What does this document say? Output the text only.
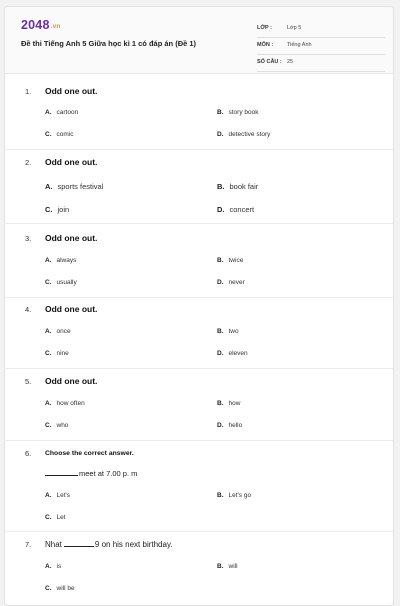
2048.vn
Đề thi Tiếng Anh 5 Giữa học kì 1 có đáp án (Đề 1)
LỚP :	Lớp 5
MÔN :	Tiếng Anh
SỐ CÂU : 25
1. Odd one out.
A. cartoon	B. story book
C. comic	D. detective story
2. Odd one out.
A. sports festival	B. book fair
C. join	D. concert
3. Odd one out.
A. always	B. twice
C. usually	D. never
4. Odd one out.
A. once	B. two
C. nine	D. eleven
5. Odd one out.
A. how often	B. how
C. who	D. hello
6. Choose the correct answer.
meet at 7.00 p. m
A. Let's	B. Let's go
C. Let
7. Nhat	9 on his next birthday.
A. is	B. will
C. will be
